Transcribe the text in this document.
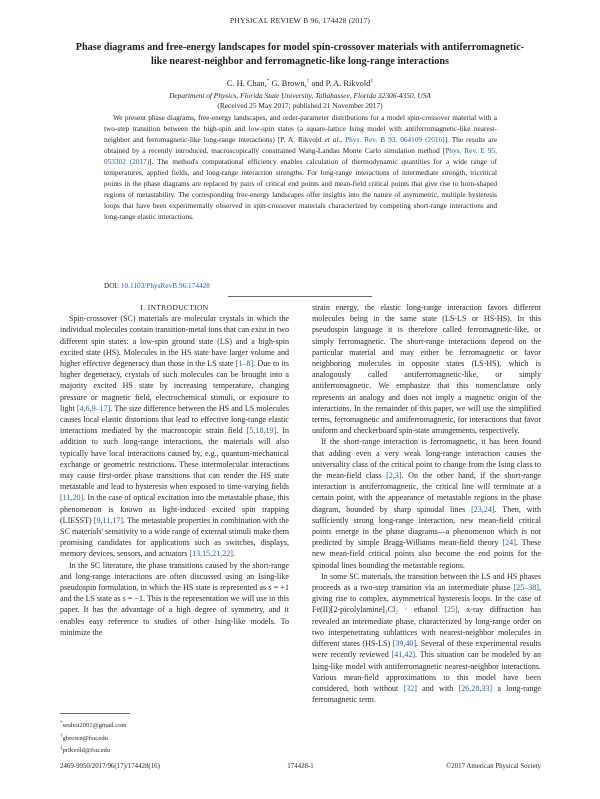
PHYSICAL REVIEW B 96, 174428 (2017)
Phase diagrams and free-energy landscapes for model spin-crossover materials with antiferromagnetic-like nearest-neighbor and ferromagnetic-like long-range interactions
C. H. Chan,* G. Brown,† and P. A. Rikvold‡
Department of Physics, Florida State University, Tallahassee, Florida 32306-4350, USA
(Received 25 May 2017; published 21 November 2017)
We present phase diagrams, free-energy landscapes, and order-parameter distributions for a model spin-crossover material with a two-step transition between the high-spin and low-spin states (a square-lattice Ising model with antiferromagnetic-like nearest-neighbor and ferromagnetic-like long-range interactions) [P. A. Rikvold et al., Phys. Rev. B 93, 064109 (2016)]. The results are obtained by a recently introduced, macroscopically constrained Wang-Landau Monte Carlo simulation method [Phys. Rev. E 95, 053302 (2017)]. The method's computational efficiency enables calculation of thermodynamic quantities for a wide range of temperatures, applied fields, and long-range interaction strengths. For long-range interactions of intermediate strength, tricritical points in the phase diagrams are replaced by pairs of critical end points and mean-field critical points that give rise to horn-shaped regions of metastability. The corresponding free-energy landscapes offer insights into the nature of asymmetric, multiple hysteresis loops that have been experimentally observed in spin-crossover materials characterized by competing short-range interactions and long-range elastic interactions.
DOI: 10.1103/PhysRevB.96.174428

I. INTRODUCTION

Spin-crossover (SC) materials are molecular crystals in which the individual molecules contain transition-metal ions that can exist in two different spin states: a low-spin ground state (LS) and a high-spin excited state (HS). Molecules in the HS state have larger volume and higher effective degeneracy than those in the LS state [1–8]. Due to its higher degeneracy, crystals of such molecules can be brought into a majority excited HS state by increasing temperature, changing pressure or magnetic field, electrochemical stimuli, or exposure to light [4,6,9–17]. The size difference between the HS and LS molecules causes local elastic distortions that lead to effective long-range elastic interactions mediated by the macroscopic strain field [5,18,19]. In addition to such long-range interactions, the materials will also typically have local interactions caused by, e.g., quantum-mechanical exchange or geometric restrictions. These intermolecular interactions may cause first-order phase transitions that can render the HS state metastable and lead to hysteresis when exposed to time-varying fields [11,20]. In the case of optical excitation into the metastable phase, this phenomenon is known as light-induced excited spin trapping (LIESST) [9,11,17]. The metastable properties in combination with the SC materials' sensitivity to a wide range of external stimuli make them promising candidates for applications such as switches, displays, memory devices, sensors, and actuators [13,15,21,22].

In the SC literature, the phase transitions caused by the short-range and long-range interactions are often discussed using an Ising-like pseudospin formulation, in which the HS state is represented as s = +1 and the LS state as s = −1. This is the representation we will use in this paper. It has the advantage of a high degree of symmetry, and it enables easy reference to studies of other Ising-like models. To minimize the

strain energy, the elastic long-range interaction favors different molecules being in the same state (LS-LS or HS-HS). In this pseudospin language it is therefore called ferromagnetic-like, or simply ferromagnetic. The short-range interactions depend on the particular material and may either be ferromagnetic or favor neighboring molecules in opposite states (LS-HS), which is analogously called antiferromagnetic-like, or simply antiferromagnetic. We emphasize that this nomenclature only represents an analogy and does not imply a magnetic origin of the interactions. In the remainder of this paper, we will use the simplified terms, ferromagnetic and antiferromagnetic, for interactions that favor uniform and checkerboard spin-state arrangements, respectively.

If the short-range interaction is ferromagnetic, it has been found that adding even a very weak long-range interaction causes the universality class of the critical point to change from the Ising class to the mean-field class [2,3]. On the other hand, if the short-range interaction is antiferromagnetic, the critical line will terminate at a certain point, with the appearance of metastable regions in the phase diagram, bounded by sharp spinodal lines [23,24]. Then, with sufficiently strong long-range interaction, new mean-field critical points emerge in the phase diagrams—a phenomenon which is not predicted by simple Bragg-Williams mean-field theory [24]. These new mean-field critical points also become the end points for the spinodal lines bounding the metastable regions.

In some SC materials, the transition between the LS and HS phases proceeds as a two-step transition via an intermediate phase [25–38], giving rise to complex, asymmetrical hysteresis loops. In the case of Fe(II)[2-picolylamine]₃Cl₂ · ethanol [25], x-ray diffraction has revealed an intermediate phase, characterized by long-range order on two interpenetrating sublattices with nearest-neighbor molecules in different states (HS-LS) [39,40]. Several of these experimental results were recently reviewed [41,42]. This situation can be modeled by an Ising-like model with antiferromagnetic nearest-neighbor interactions. Various mean-field approximations to this model have been considered, both without [32] and with [26,28,33] a long-range ferromagnetic term.

*seahoi2001@gmail.com
†gbrown@fsu.edu
‡prikvold@fsu.edu
2469-9950/2017/96(17)/174428(16)	174428-1	©2017 American Physical Society
